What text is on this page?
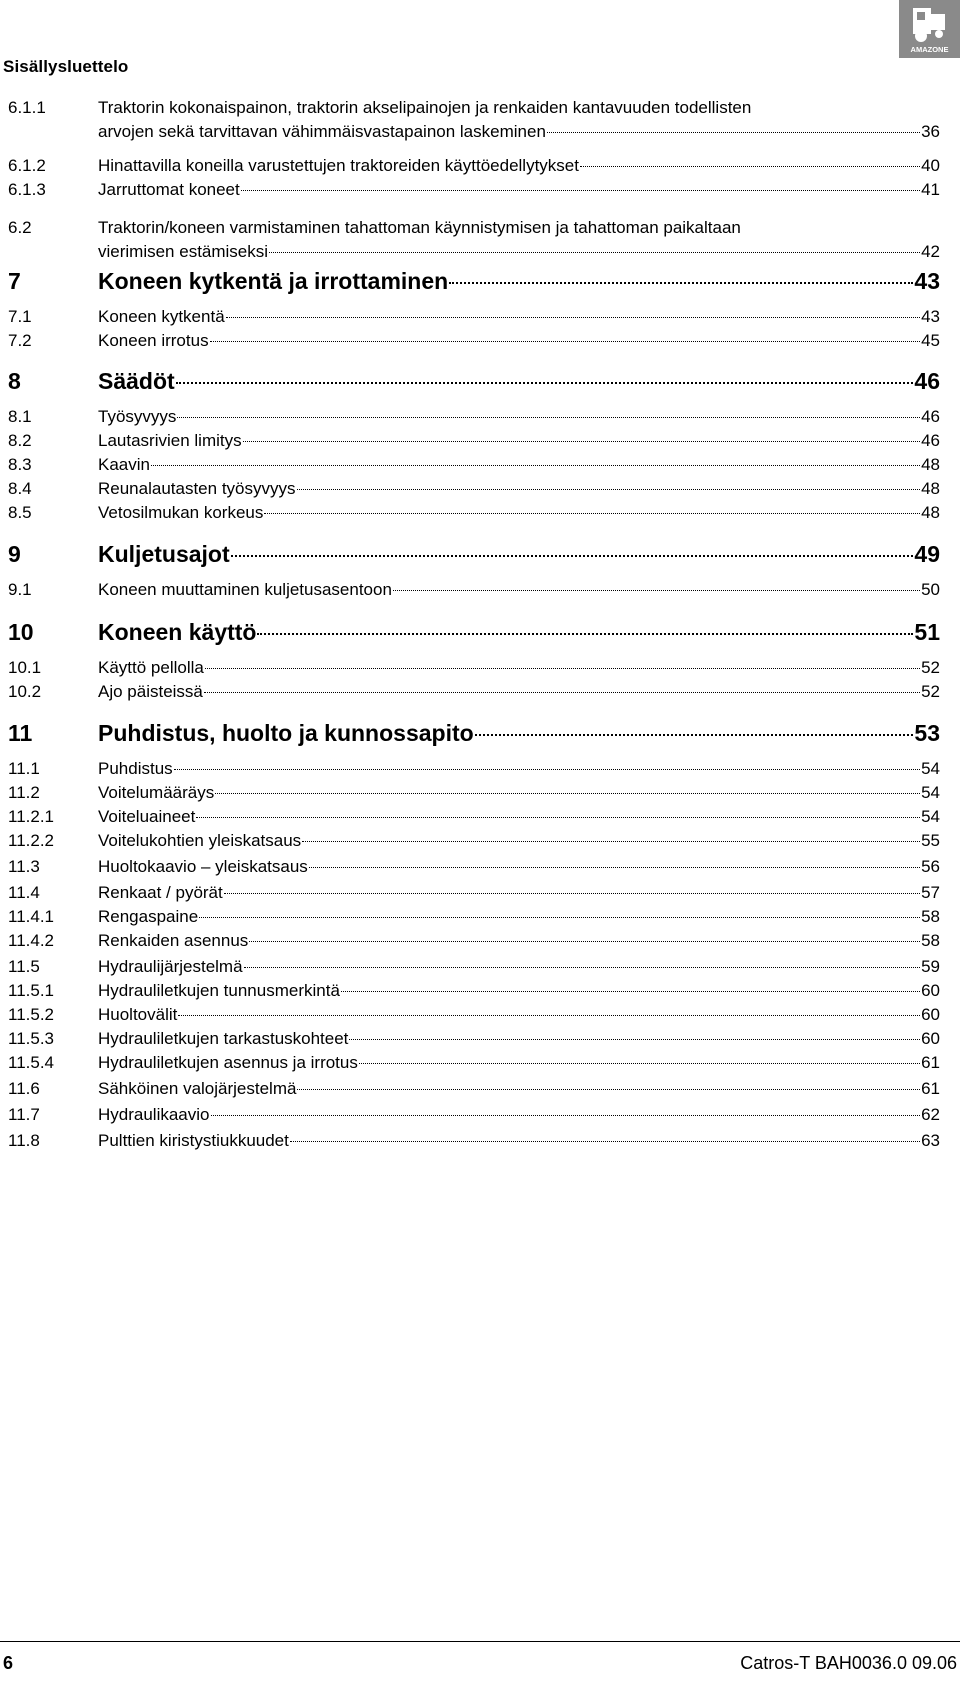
Sisällysluettelo
AMAZONE
6.1.1	Traktorin kokonaispainon, traktorin akselipainojen ja renkaiden kantavuuden todellisten
arvojen sekä tarvittavan vähimmäisvastapainon laskeminen	36
6.1.2	Hinattavilla koneilla varustettujen traktoreiden käyttöedellytykset	40
6.1.3	Jarruttomat koneet	41
6.2	Traktorin/koneen varmistaminen tahattoman käynnistymisen ja tahattoman paikaltaan
vierimisen estämiseksi	42
7	Koneen kytkentä ja irrottaminen	43
7.1	Koneen kytkentä	43
7.2	Koneen irrotus	45
8	Säädöt	46
8.1	Työsyvyys	46
8.2	Lautasrivien limitys	46
8.3	Kaavin	48
8.4	Reunalautasten työsyvyys	48
8.5	Vetosilmukan korkeus	48
9	Kuljetusajot	49
9.1	Koneen muuttaminen kuljetusasentoon	50
10	Koneen käyttö	51
10.1	Käyttö pellolla	52
10.2	Ajo päisteissä	52
11	Puhdistus, huolto ja kunnossapito	53
11.1	Puhdistus	54
11.2	Voitelumääräys	54
11.2.1	Voiteluaineet	54
11.2.2	Voitelukohtien yleiskatsaus	55
11.3	Huoltokaavio – yleiskatsaus	56
11.4	Renkaat / pyörät	57
11.4.1	Rengaspaine	58
11.4.2	Renkaiden asennus	58
11.5	Hydraulijärjestelmä	59
11.5.1	Hydrauliletkujen tunnusmerkintä	60
11.5.2	Huoltovälit	60
11.5.3	Hydrauliletkujen tarkastuskohteet	60
11.5.4	Hydrauliletkujen asennus ja irrotus	61
11.6	Sähköinen valojärjestelmä	61
11.7	Hydraulikaavio	62
11.8	Pulttien kiristystiukkuudet	63
6	Catros-T BAH0036.0 09.06
